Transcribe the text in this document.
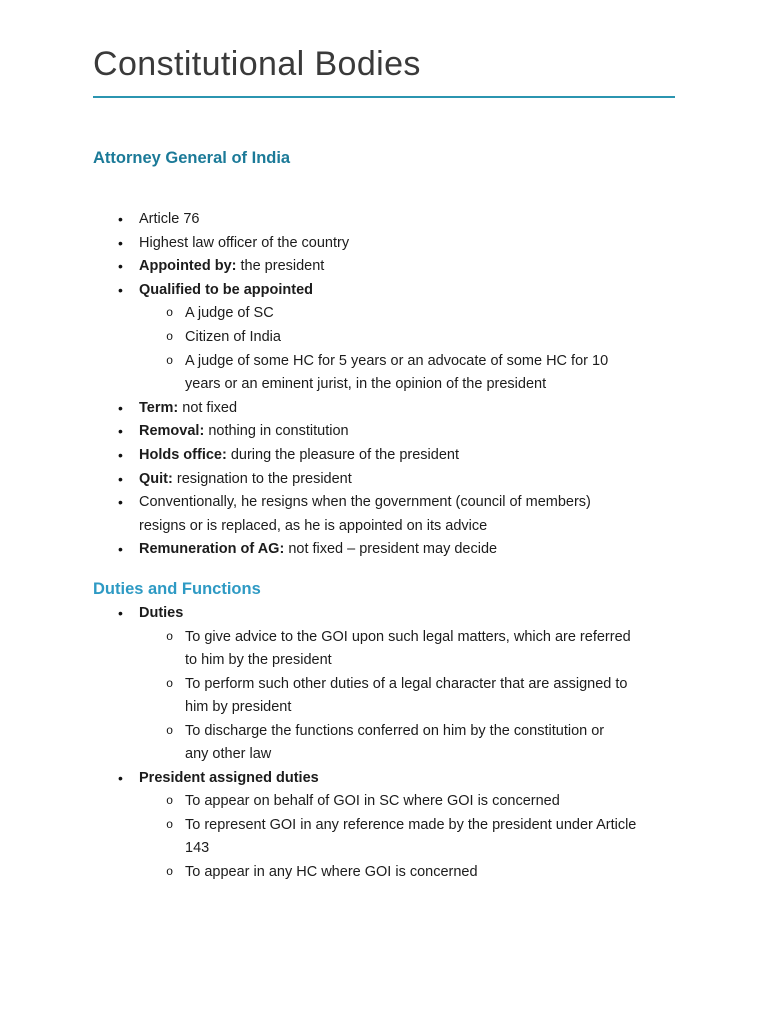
Constitutional Bodies
Attorney General of India
• Article 76
• Highest law officer of the country
• Appointed by: the president
• Qualified to be appointed
o A judge of SC
o Citizen of India
o A judge of some HC for 5 years or an advocate of some HC for 10
years or an eminent jurist, in the opinion of the president
• Term: not fixed
• Removal: nothing in constitution
• Holds office: during the pleasure of the president
• Quit: resignation to the president
• Conventionally, he resigns when the government (council of members)
resigns or is replaced, as he is appointed on its advice
• Remuneration of AG: not fixed – president may decide
Duties and Functions
• Duties
o To give advice to the GOI upon such legal matters, which are referred
to him by the president
o To perform such other duties of a legal character that are assigned to
him by president
o To discharge the functions conferred on him by the constitution or
any other law
• President assigned duties
o To appear on behalf of GOI in SC where GOI is concerned
o To represent GOI in any reference made by the president under Article
143
o To appear in any HC where GOI is concerned
